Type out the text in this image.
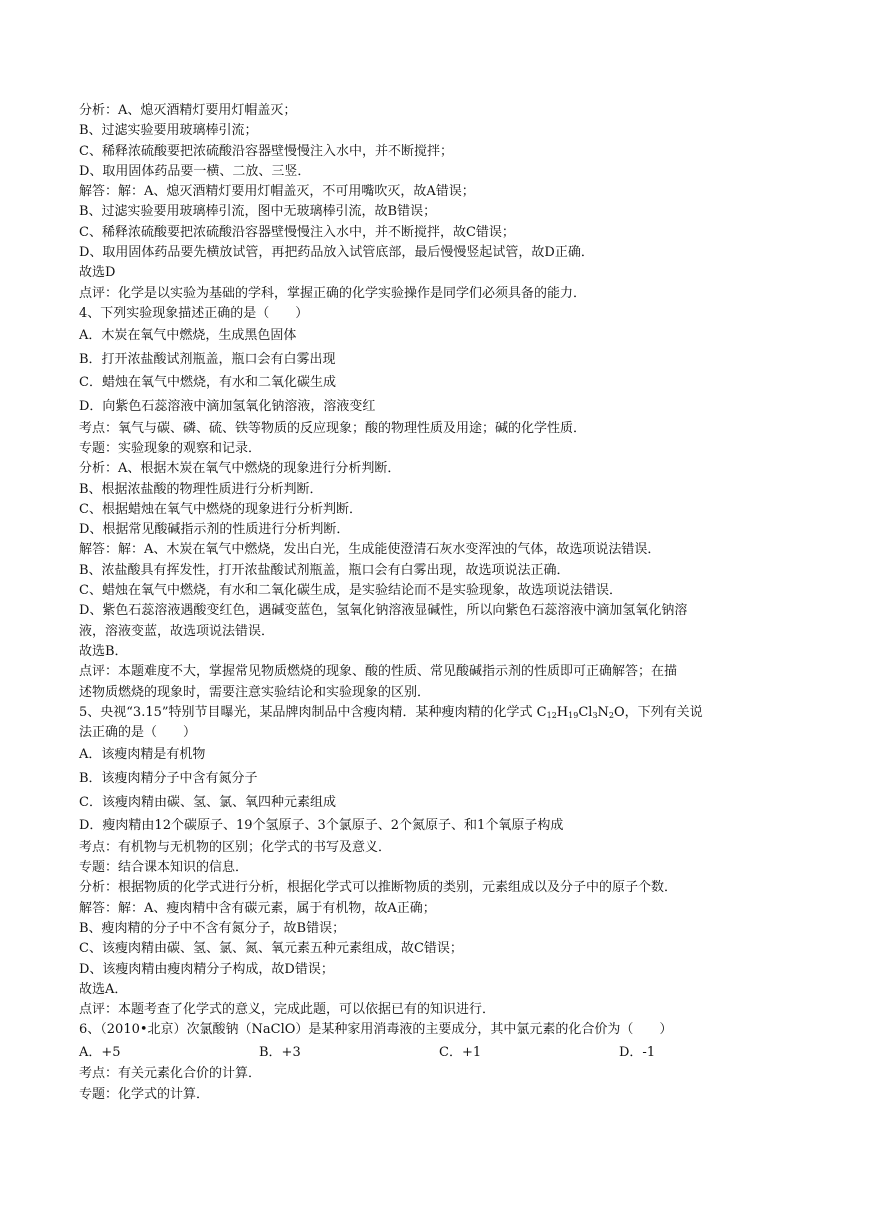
分析：A、熄灭酒精灯要用灯帽盖灭；
B、过滤实验要用玻璃棒引流；
C、稀释浓硫酸要把浓硫酸沿容器壁慢慢注入水中，并不断搅拌；
D、取用固体药品要一横、二放、三竖．
解答：解：A、熄灭酒精灯要用灯帽盖灭，不可用嘴吹灭，故A错误；
B、过滤实验要用玻璃棒引流，图中无玻璃棒引流，故B错误；
C、稀释浓硫酸要把浓硫酸沿容器壁慢慢注入水中，并不断搅拌，故C错误；
D、取用固体药品要先横放试管，再把药品放入试管底部，最后慢慢竖起试管，故D正确．
故选D
点评：化学是以实验为基础的学科，掌握正确的化学实验操作是同学们必须具备的能力．
4、下列实验现象描述正确的是（　　）
A．木炭在氧气中燃烧，生成黑色固体
B．打开浓盐酸试剂瓶盖，瓶口会有白雾出现
C．蜡烛在氧气中燃烧，有水和二氧化碳生成
D．向紫色石蕊溶液中滴加氢氧化钠溶液，溶液变红
考点：氧气与碳、磷、硫、铁等物质的反应现象；酸的物理性质及用途；碱的化学性质．
专题：实验现象的观察和记录．
分析：A、根据木炭在氧气中燃烧的现象进行分析判断．
B、根据浓盐酸的物理性质进行分析判断．
C、根据蜡烛在氧气中燃烧的现象进行分析判断．
D、根据常见酸碱指示剂的性质进行分析判断．
解答：解：A、木炭在氧气中燃烧，发出白光，生成能使澄清石灰水变浑浊的气体，故选项说法错误．
B、浓盐酸具有挥发性，打开浓盐酸试剂瓶盖，瓶口会有白雾出现，故选项说法正确．
C、蜡烛在氧气中燃烧，有水和二氧化碳生成，是实验结论而不是实验现象，故选项说法错误．
D、紫色石蕊溶液遇酸变红色，遇碱变蓝色，氢氧化钠溶液显碱性，所以向紫色石蕊溶液中滴加氢氧化钠溶
液，溶液变蓝，故选项说法错误．
故选B．
点评：本题难度不大，掌握常见物质燃烧的现象、酸的性质、常见酸碱指示剂的性质即可正确解答；在描
述物质燃烧的现象时，需要注意实验结论和实验现象的区别．
5、央视“3.15”特别节目曝光，某品牌肉制品中含瘦肉精．某种瘦肉精的化学式 $C_{12}H_{19}Cl_3N_2O$，下列有关说
法正确的是（　　）
A．该瘦肉精是有机物
B．该瘦肉精分子中含有氮分子
C．该瘦肉精由碳、氢、氯、氧四种元素组成
D．瘦肉精由12个碳原子、19个氢原子、3个氯原子、2个氮原子、和1个氧原子构成
考点：有机物与无机物的区别；化学式的书写及意义．
专题：结合课本知识的信息．
分析：根据物质的化学式进行分析，根据化学式可以推断物质的类别，元素组成以及分子中的原子个数．
解答：解：A、瘦肉精中含有碳元素，属于有机物，故A正确；
B、瘦肉精的分子中不含有氮分子，故B错误；
C、该瘦肉精由碳、氢、氯、氮、氧元素五种元素组成，故C错误；
D、该瘦肉精由瘦肉精分子构成，故D错误；
故选A．
点评：本题考查了化学式的意义，完成此题，可以依据已有的知识进行．
6、（2010•北京）次氯酸钠（NaClO）是某种家用消毒液的主要成分，其中氯元素的化合价为（　　）
A．+5	B．+3	C．+1	D．-1
考点：有关元素化合价的计算．
专题：化学式的计算．
